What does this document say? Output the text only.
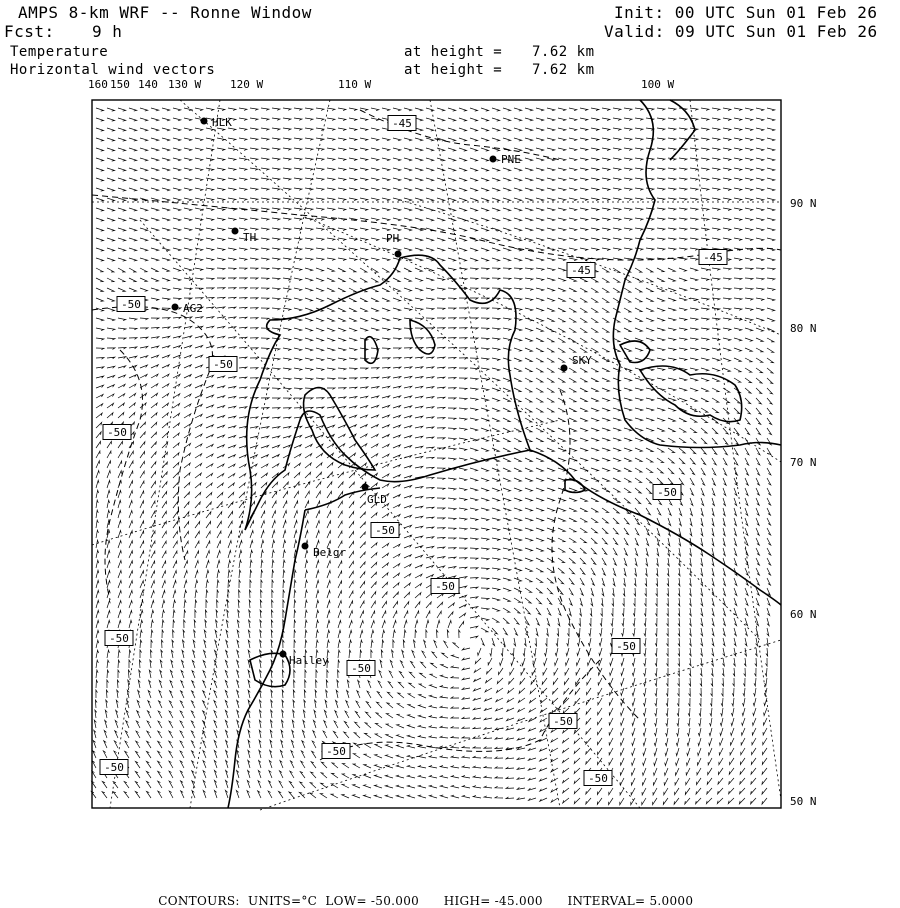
AMPS 8-km WRF -- Ronne Window
Fcst: 9 h
Init: 00 UTC Sun 01 Feb 26
Valid: 09 UTC Sun 01 Feb 26
Temperature
Horizontal wind vectors
at height = 7.62 km
at height = 7.62 km
160 150 140 130 W	120 W	110 W	100 W
90 N
80 N
70 N
60 N
50 N
HLK
PNE
TH	PH
AG2
SKY
GLD
Belgr
Halley
-45
-45
-45
-50
-50
-50
-50
-50
-50
-50
-50
-50
-50
-50
-50
-50

CONTOURS: UNITS=°C LOW= -50.000 HIGH= -45.000 INTERVAL= 5.0000
